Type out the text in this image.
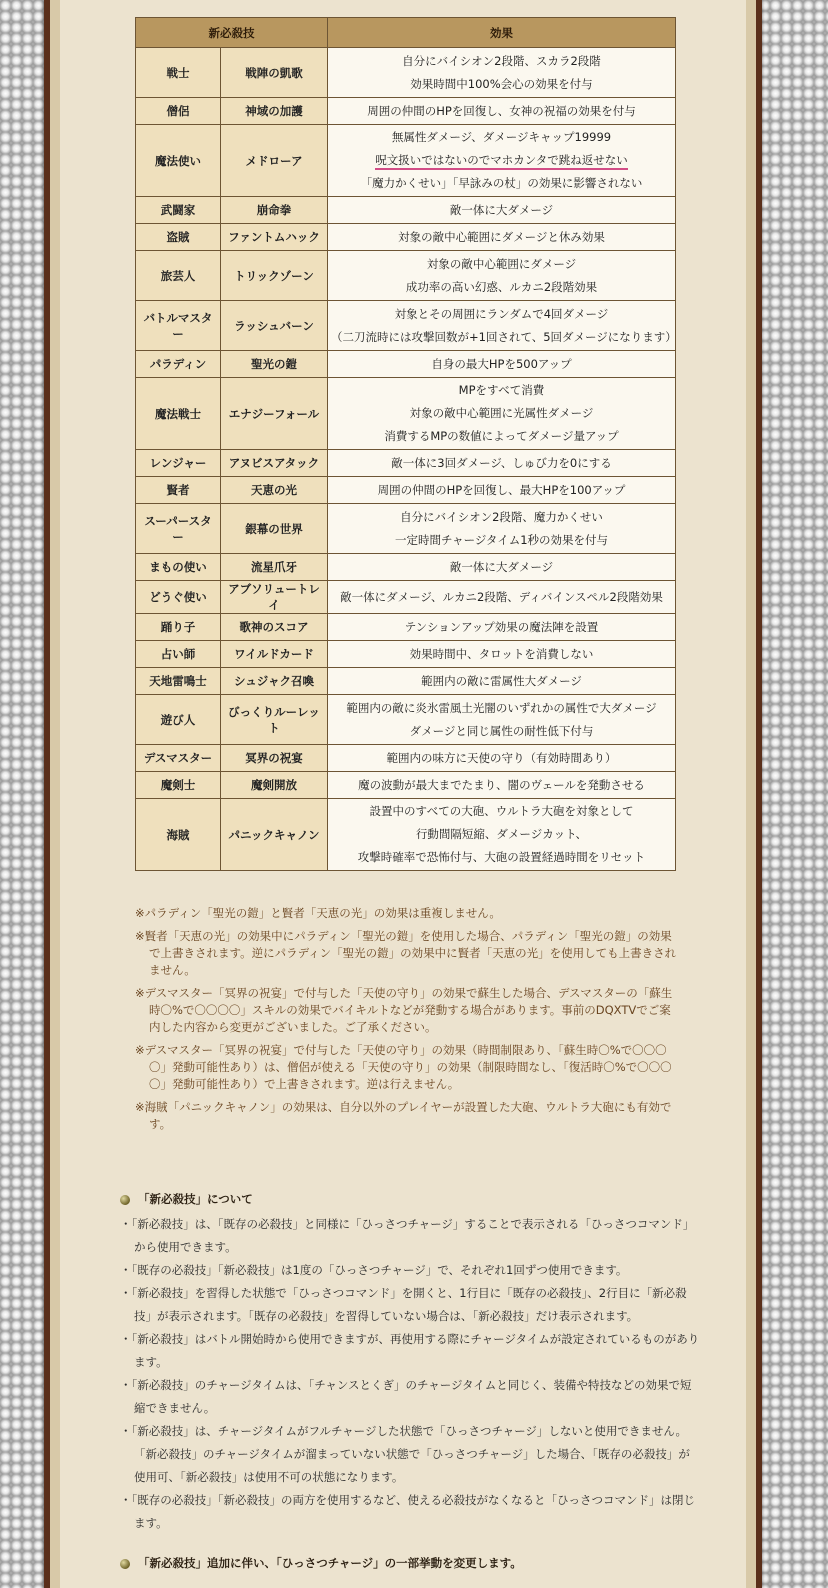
新必殺技		効果
戦士	戦陣の凱歌	自分にバイシオン2段階、スカラ2段階
効果時間中100%会心の効果を付与

僧侶	神域の加護	周囲の仲間のHPを回復し、女神の祝福の効果を付与

魔法使い	メドローア	無属性ダメージ、ダメージキャップ19999
呪文扱いではないのでマホカンタで跳ね返せない
「魔力かくせい」「早詠みの杖」の効果に影響されない

武闘家	崩命拳	敵一体に大ダメージ

盗賊	ファントムハック	対象の敵中心範囲にダメージと休み効果

旅芸人	トリックゾーン	対象の敵中心範囲にダメージ
成功率の高い幻惑、ルカニ2段階効果

バトルマスター	ラッシュバーン	対象とその周囲にランダムで4回ダメージ
（二刀流時には攻撃回数が+1回されて、5回ダメージになります）

パラディン	聖光の鎧	自身の最大HPを500アップ

魔法戦士	エナジーフォール	MPをすべて消費
対象の敵中心範囲に光属性ダメージ
消費するMPの数値によってダメージ量アップ

レンジャー	アヌビスアタック	敵一体に3回ダメージ、しゅび力を0にする

賢者	天恵の光	周囲の仲間のHPを回復し、最大HPを100アップ

スーパースター	銀幕の世界	自分にバイシオン2段階、魔力かくせい
一定時間チャージタイム1秒の効果を付与

まもの使い	流星爪牙	敵一体に大ダメージ

どうぐ使い	アブソリュートレイ	敵一体にダメージ、ルカニ2段階、ディバインスペル2段階効果

踊り子	歌神のスコア	テンションアップ効果の魔法陣を設置

占い師	ワイルドカード	効果時間中、タロットを消費しない

天地雷鳴士	シュジャク召喚	範囲内の敵に雷属性大ダメージ

遊び人	びっくりルーレット	範囲内の敵に炎氷雷風土光闇のいずれかの属性で大ダメージ
ダメージと同じ属性の耐性低下付与

デスマスター	冥界の祝宴	範囲内の味方に天使の守り（有効時間あり）

魔剣士	魔剣開放	魔の波動が最大までたまり、闇のヴェールを発動させる

海賊	パニックキャノン	設置中のすべての大砲、ウルトラ大砲を対象として
行動間隔短縮、ダメージカット、
攻撃時確率で恐怖付与、大砲の設置経過時間をリセット
※パラディン「聖光の鎧」と賢者「天恵の光」の効果は重複しません。
※賢者「天恵の光」の効果中にパラディン「聖光の鎧」を使用した場合、パラディン「聖光の鎧」の効果で上書きされます。逆にパラディン「聖光の鎧」の効果中に賢者「天恵の光」を使用しても上書きされません。
※デスマスター「冥界の祝宴」で付与した「天使の守り」の効果で蘇生した場合、デスマスターの「蘇生時〇%で〇〇〇〇」スキルの効果でバイキルトなどが発動する場合があります。事前のDQXTVでご案内した内容から変更がございました。ご了承ください。
※デスマスター「冥界の祝宴」で付与した「天使の守り」の効果（時間制限あり、「蘇生時〇%で〇〇〇〇」発動可能性あり）は、僧侶が使える「天使の守り」の効果（制限時間なし、「復活時〇%で〇〇〇〇」発動可能性あり）で上書きされます。逆は行えません。
※海賊「パニックキャノン」の効果は、自分以外のプレイヤーが設置した大砲、ウルトラ大砲にも有効です。
「新必殺技」について
・「新必殺技」は、「既存の必殺技」と同様に「ひっさつチャージ」することで表示される「ひっさつコマンド」から使用できます。
・「既存の必殺技」「新必殺技」は1度の「ひっさつチャージ」で、それぞれ1回ずつ使用できます。
・「新必殺技」を習得した状態で「ひっさつコマンド」を開くと、1行目に「既存の必殺技」、2行目に「新必殺技」が表示されます。「既存の必殺技」を習得していない場合は、「新必殺技」だけ表示されます。
・「新必殺技」はバトル開始時から使用できますが、再使用する際にチャージタイムが設定されているものがあります。
・「新必殺技」のチャージタイムは、「チャンスとくぎ」のチャージタイムと同じく、装備や特技などの効果で短縮できません。
・「新必殺技」は、チャージタイムがフルチャージした状態で「ひっさつチャージ」しないと使用できません。「新必殺技」のチャージタイムが溜まっていない状態で「ひっさつチャージ」した場合、「既存の必殺技」が使用可、「新必殺技」は使用不可の状態になります。
・「既存の必殺技」「新必殺技」の両方を使用するなど、使える必殺技がなくなると「ひっさつコマンド」は閉じます。
「新必殺技」追加に伴い、「ひっさつチャージ」の一部挙動を変更します。
